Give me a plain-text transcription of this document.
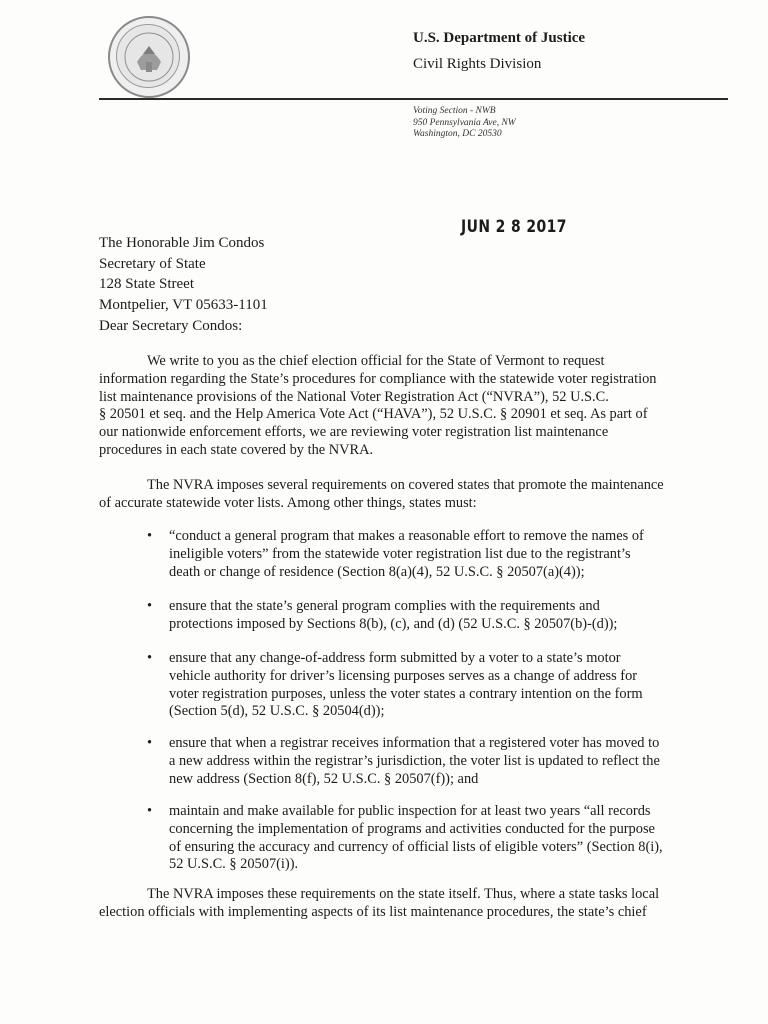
U.S. Department of Justice
Civil Rights Division
Voting Section - NWB
950 Pennsylvania Ave, NW
Washington, DC 20530
JUN 2 8 2017
The Honorable Jim Condos
Secretary of State
128 State Street
Montpelier, VT 05633-1101
Dear Secretary Condos:
We write to you as the chief election official for the State of Vermont to request
information regarding the State’s procedures for compliance with the statewide voter registration
list maintenance provisions of the National Voter Registration Act (“NVRA”), 52 U.S.C.
§ 20501 et seq. and the Help America Vote Act (“HAVA”), 52 U.S.C. § 20901 et seq. As part of
our nationwide enforcement efforts, we are reviewing voter registration list maintenance
procedures in each state covered by the NVRA.
The NVRA imposes several requirements on covered states that promote the maintenance
of accurate statewide voter lists. Among other things, states must:
• “conduct a general program that makes a reasonable effort to remove the names of
ineligible voters” from the statewide voter registration list due to the registrant’s
death or change of residence (Section 8(a)(4), 52 U.S.C. § 20507(a)(4));
• ensure that the state’s general program complies with the requirements and
protections imposed by Sections 8(b), (c), and (d) (52 U.S.C. § 20507(b)-(d));
• ensure that any change-of-address form submitted by a voter to a state’s motor
vehicle authority for driver’s licensing purposes serves as a change of address for
voter registration purposes, unless the voter states a contrary intention on the form
(Section 5(d), 52 U.S.C. § 20504(d));
• ensure that when a registrar receives information that a registered voter has moved to
a new address within the registrar’s jurisdiction, the voter list is updated to reflect the
new address (Section 8(f), 52 U.S.C. § 20507(f)); and
• maintain and make available for public inspection for at least two years “all records
concerning the implementation of programs and activities conducted for the purpose
of ensuring the accuracy and currency of official lists of eligible voters” (Section 8(i),
52 U.S.C. § 20507(i)).
The NVRA imposes these requirements on the state itself. Thus, where a state tasks local
election officials with implementing aspects of its list maintenance procedures, the state’s chief
